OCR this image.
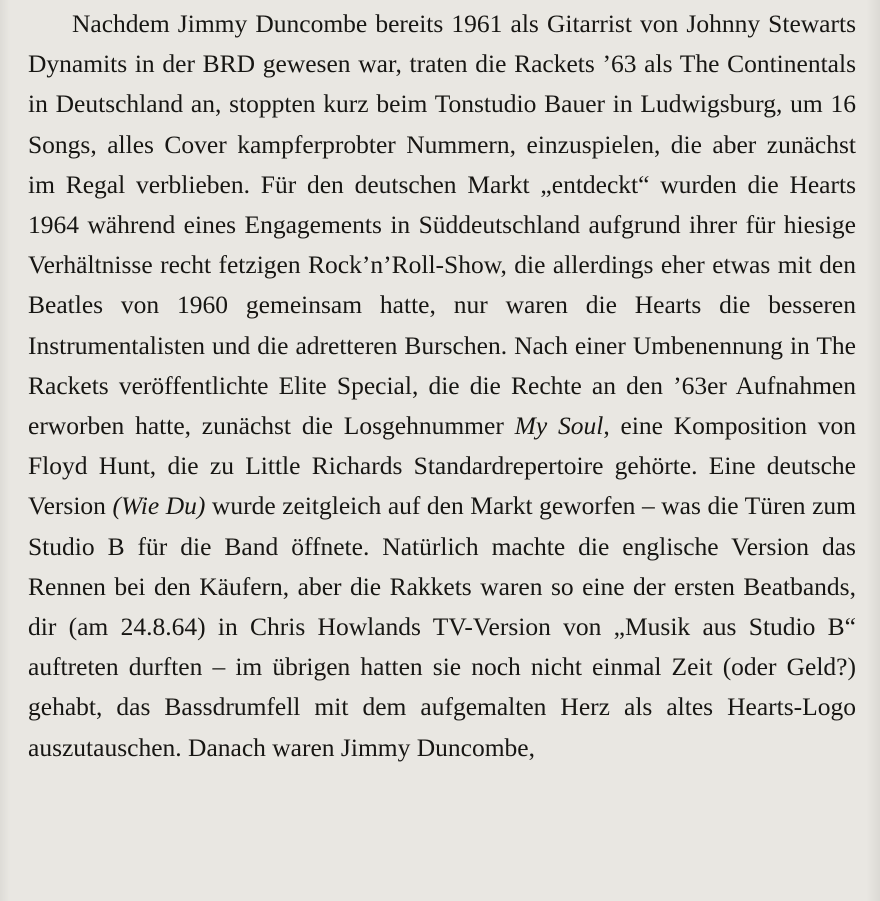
Nachdem Jimmy Duncombe bereits 1961 als Gitarrist von Johnny Stewarts Dynamits in der BRD gewesen war, traten die Rackets ’63 als The Continentals in Deutschland an, stoppten kurz beim Tonstudio Bauer in Ludwigsburg, um 16 Songs, alles Cover kampferprobter Nummern, einzuspielen, die aber zunächst im Regal verblieben. Für den deutschen Markt „entdeckt“ wurden die Hearts 1964 während eines Engagements in Süddeutschland aufgrund ihrer für hiesige Verhältnisse recht fetzigen Rock’n’Roll-Show, die allerdings eher etwas mit den Beatles von 1960 gemeinsam hatte, nur waren die Hearts die besseren Instrumentalisten und die adretteren Burschen. Nach einer Umbenennung in The Rackets veröffentlichte Elite Special, die die Rechte an den ’63er Aufnahmen erworben hatte, zunächst die Losgehnummer My Soul, eine Komposition von Floyd Hunt, die zu Little Richards Standardrepertoire gehörte. Eine deutsche Version (Wie Du) wurde zeitgleich auf den Markt geworfen – was die Türen zum Studio B für die Band öffnete. Natürlich machte die englische Version das Rennen bei den Käufern, aber die Rakkets waren so eine der ersten Beatbands, dir (am 24.8.64) in Chris Howlands TV-Version von „Musik aus Studio B“ auftreten durften – im übrigen hatten sie noch nicht einmal Zeit (oder Geld?) gehabt, das Bassdrumfell mit dem aufgemalten Herz als altes Hearts-Logo auszutauschen. Danach waren Jimmy Duncombe,
